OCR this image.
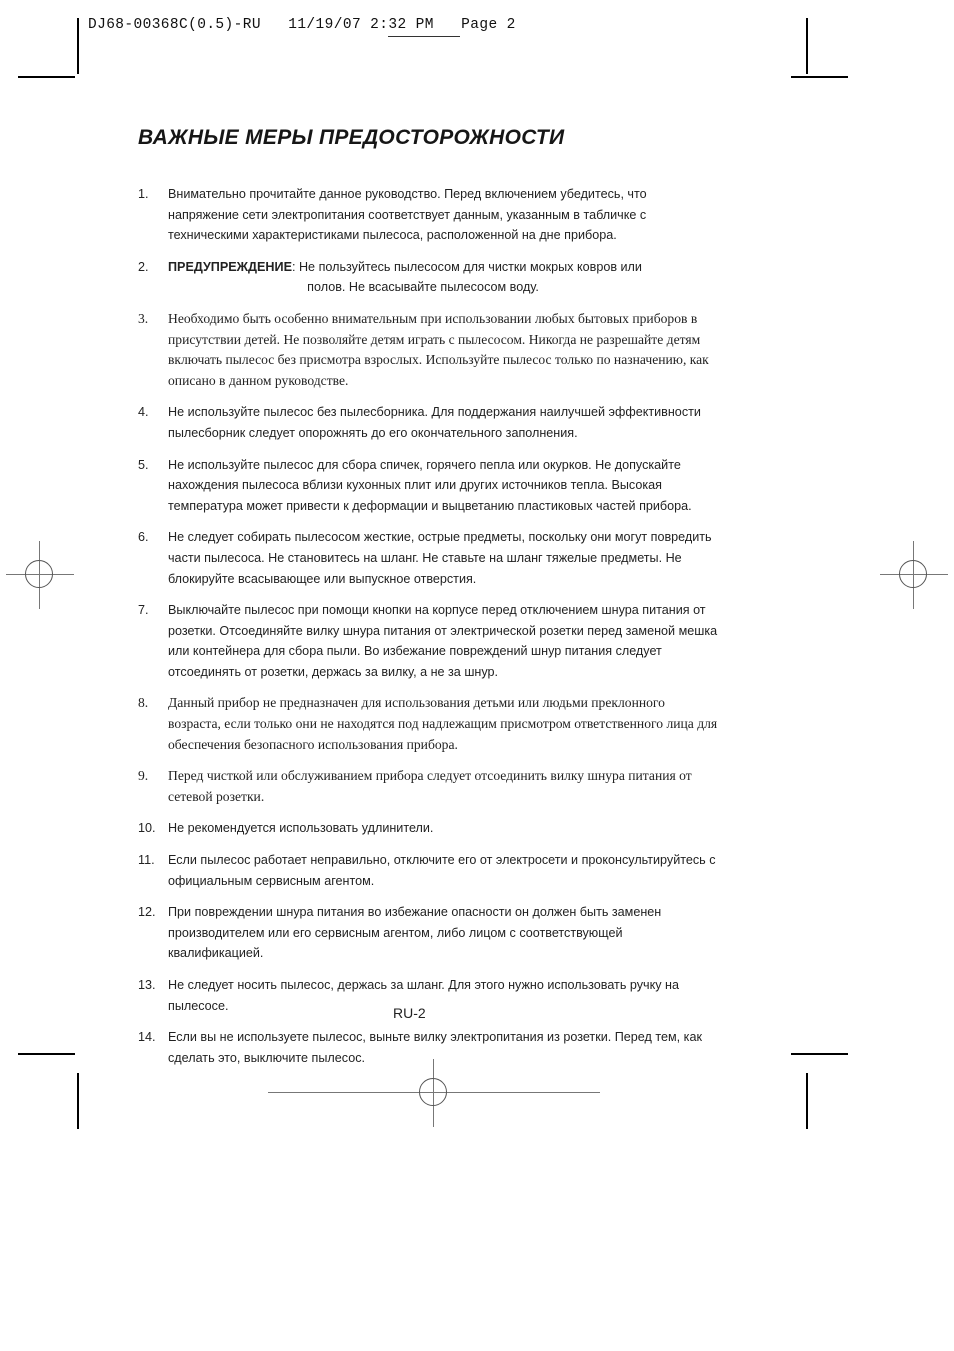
DJ68-00368C(0.5)-RU   11/19/07 2:32 PM   Page 2
ВАЖНЫЕ МЕРЫ ПРЕДОСТОРОЖНОСТИ
1.	Внимательно прочитайте данное руководство. Перед включением убедитесь, что напряжение сети электропитания соответствует данным, указанным в табличке с техническими характеристиками пылесоса, расположенной на дне прибора.
2.	ПРЕДУПРЕЖДЕНИЕ: Не пользуйтесь пылесосом для чистки мокрых ковров или
полов. Не всасывайте пылесосом воду.
3.	Необходимо быть особенно внимательным при использовании любых бытовых приборов в присутствии детей. Не позволяйте детям играть с пылесосом. Никогда не разрешайте детям включать пылесос без присмотра взрослых. Используйте пылесос только по назначению, как описано в данном руководстве.
4.	Не используйте пылесос без пылесборника. Для поддержания наилучшей эффективности пылесборник следует опорожнять до его окончательного заполнения.
5.	Не используйте пылесос для сбора спичек, горячего пепла или окурков. Не допускайте нахождения пылесоса вблизи кухонных плит или других источников тепла. Высокая температура может привести к деформации и выцветанию пластиковых частей прибора.
6.	Не следует собирать пылесосом жесткие, острые предметы, поскольку они могут повредить части пылесоса. Не становитесь на шланг. Не ставьте на шланг тяжелые предметы. Не блокируйте всасывающее или выпускное отверстия.
7.	Выключайте пылесос при помощи кнопки на корпусе перед отключением шнура питания от розетки. Отсоединяйте вилку шнура питания от электрической розетки перед заменой мешка или контейнера для сбора пыли. Во избежание повреждений шнур питания следует отсоединять от розетки, держась за вилку, а не за шнур.
8.	Данный прибор не предназначен для использования детьми или людьми преклонного возраста, если только они не находятся под надлежащим присмотром ответственного лица для обеспечения безопасного использования прибора.
9.	Перед чисткой или обслуживанием прибора следует отсоединить вилку шнура питания от сетевой розетки.
10. Не рекомендуется использовать удлинители.
11.	Если пылесос работает неправильно, отключите его от электросети и проконсультируйтесь с официальным сервисным агентом.
12. При повреждении шнура питания во избежание опасности он должен быть заменен производителем или его сервисным агентом, либо лицом с соответствующей квалификацией.
13. Не следует носить пылесос, держась за шланг. Для этого нужно использовать ручку на пылесосе.
14. Если вы не используете пылесос, выньте вилку электропитания из розетки. Перед тем, как сделать это, выключите пылесос.
RU-2
